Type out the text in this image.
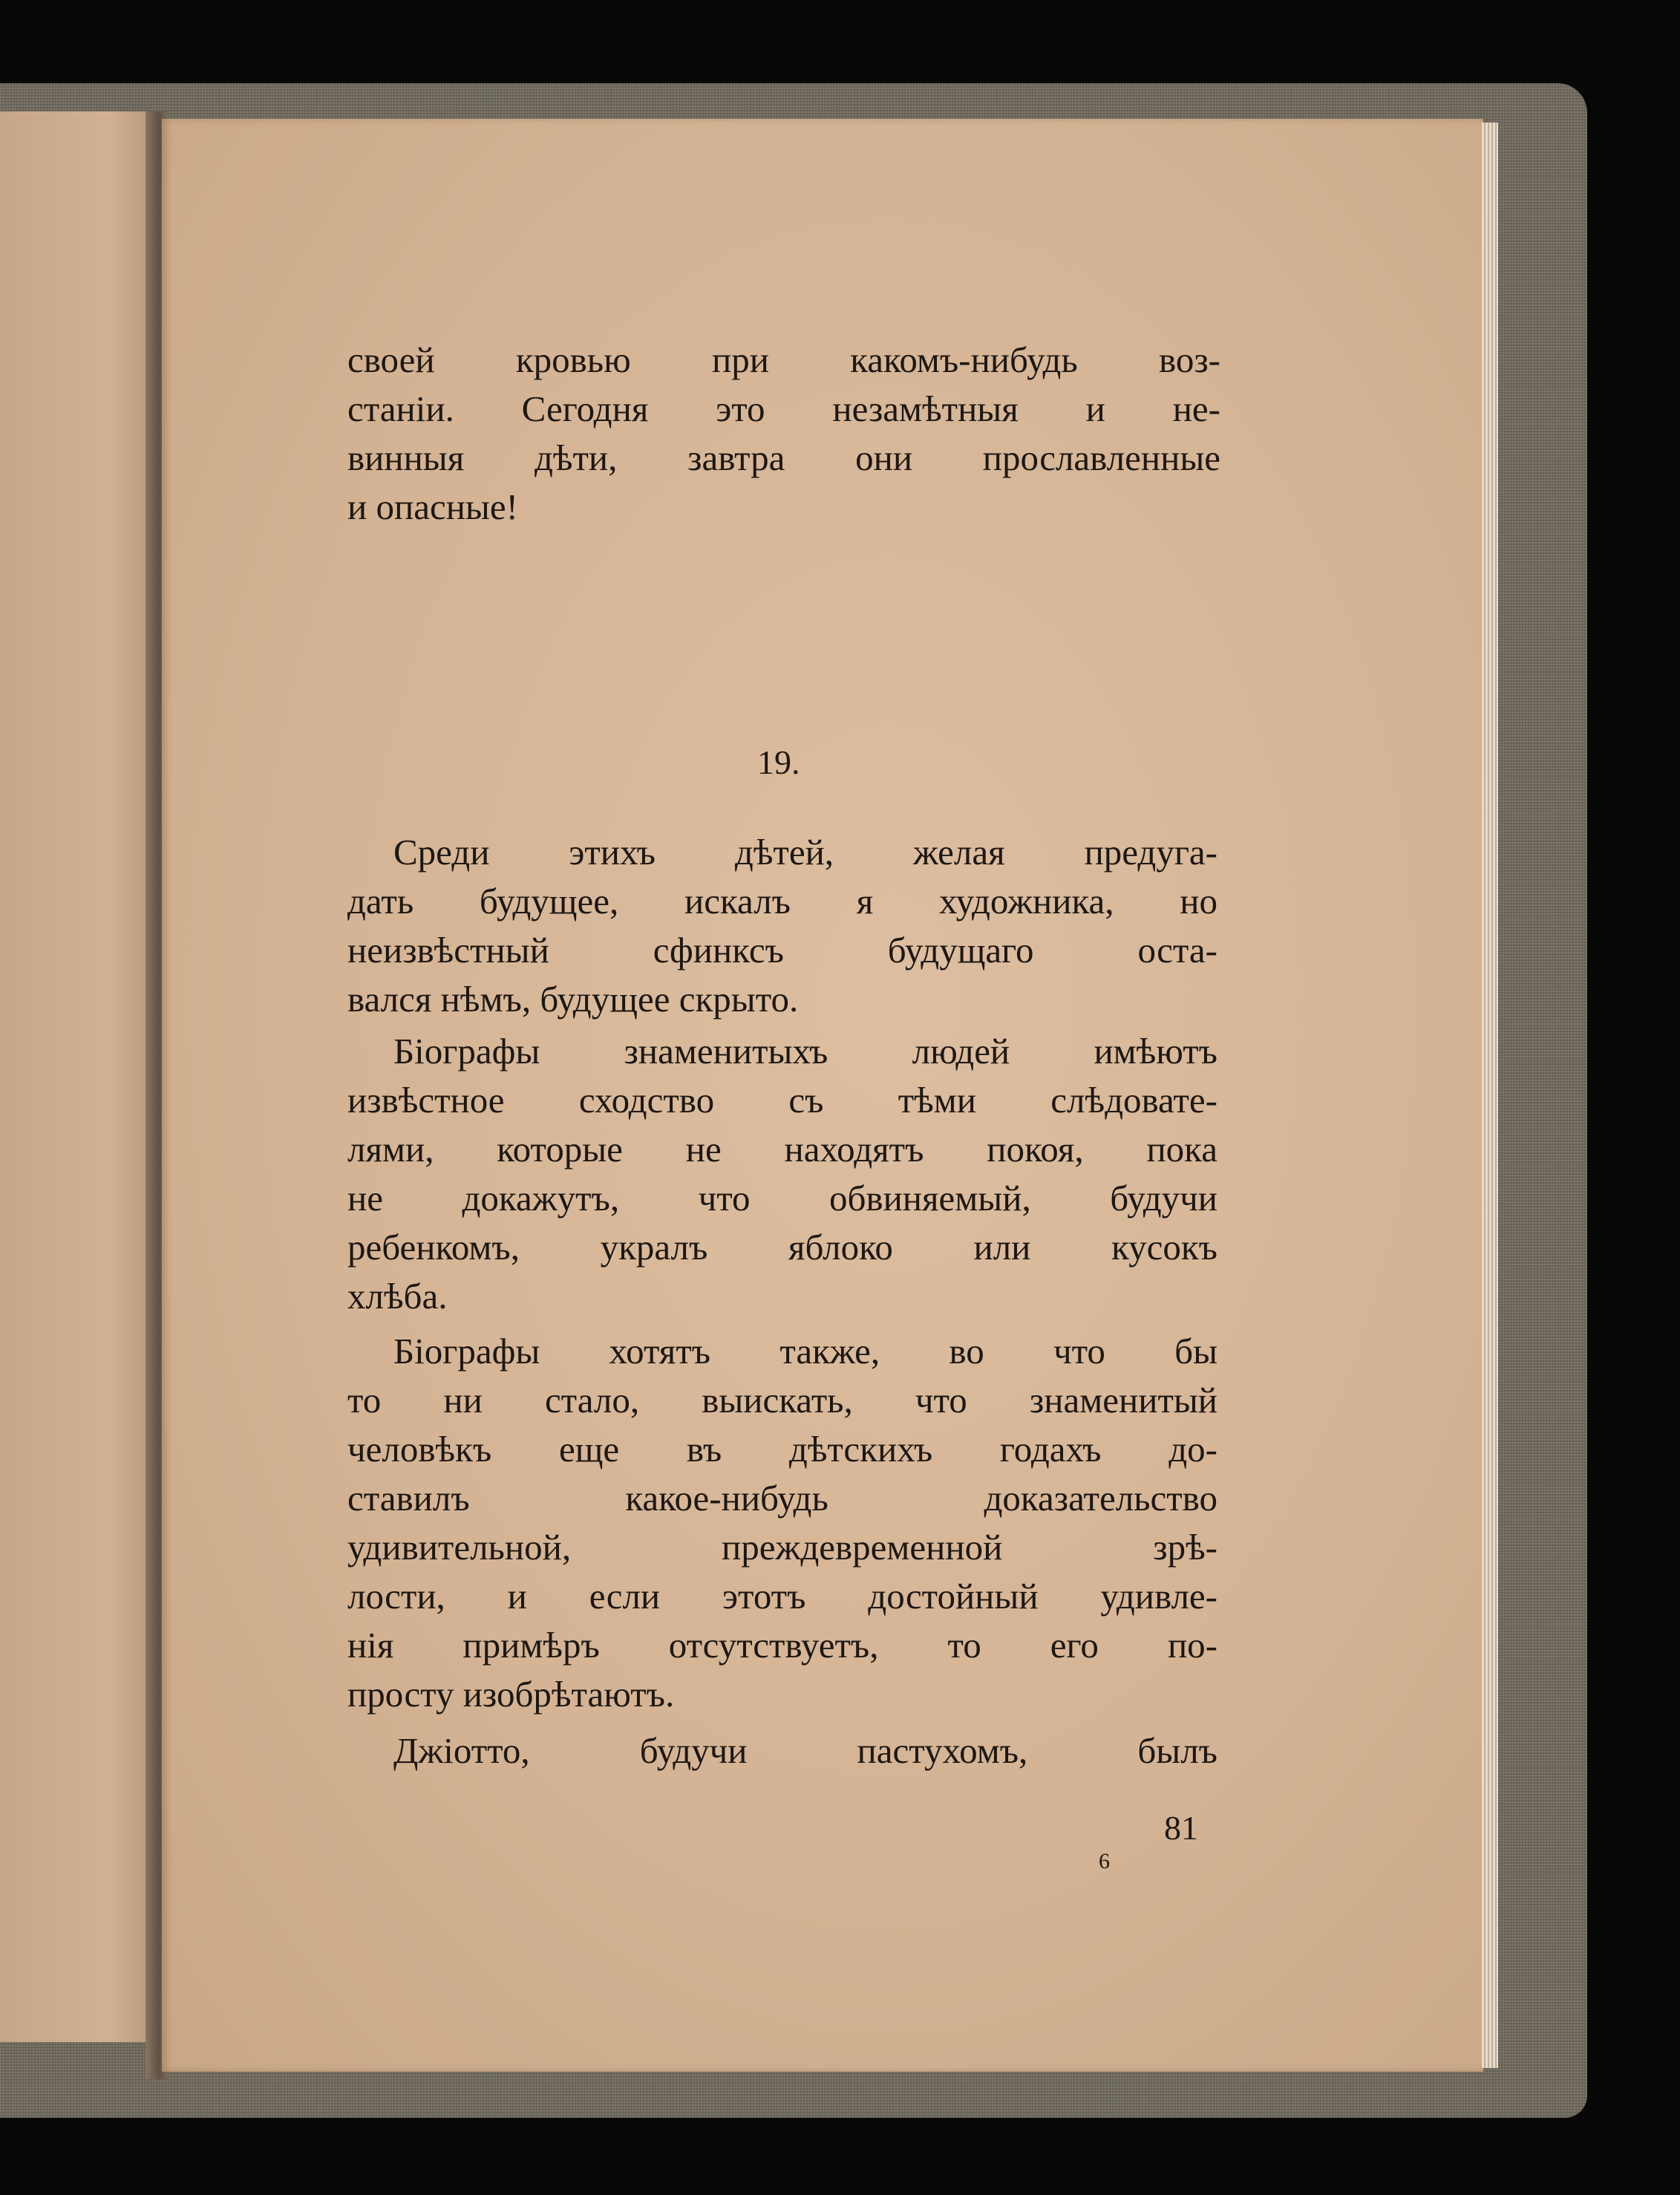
своей кровью при какомъ-нибудь воз-
станіи. Сегодня это незамѣтныя и не-
винныя дѣти, завтра они прославленные
и опасные!
19.
Среди этихъ дѣтей, желая предуга-
дать будущее, искалъ я художника, но
неизвѣстный сфинксъ будущаго оста-
вался нѣмъ, будущее скрыто.
Біографы знаменитыхъ людей имѣютъ
извѣстное сходство съ тѣми слѣдовате-
лями, которые не находятъ покоя, пока
не докажутъ, что обвиняемый, будучи
ребенкомъ, укралъ яблоко или кусокъ
хлѣба.
Біографы хотятъ также, во что бы
то ни стало, выискать, что знаменитый
человѣкъ еще въ дѣтскихъ годахъ до-
ставилъ какое-нибудь доказательство
удивительной, преждевременной зрѣ-
лости, и если этотъ достойный удивле-
нія примѣръ отсутствуетъ, то его по-
просту изобрѣтаютъ.
Джіотто, будучи пастухомъ, былъ
81
6
